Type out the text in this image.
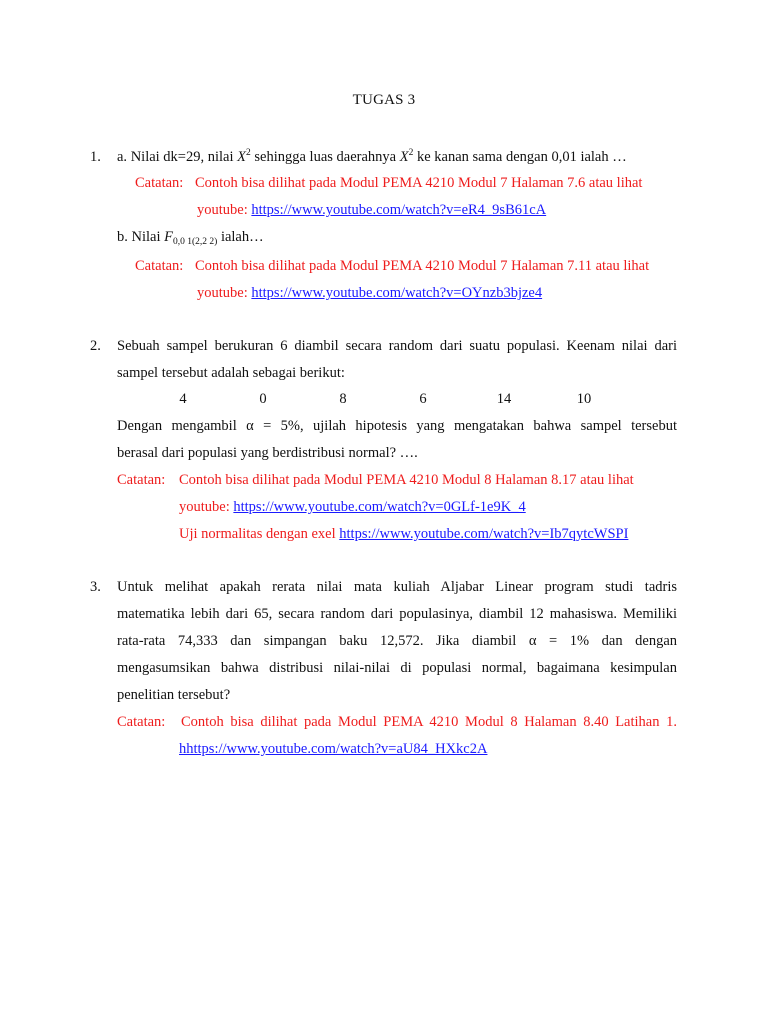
TUGAS 3
1. a. Nilai dk=29, nilai $X^2$ sehingga luas daerahnya $X^2$ ke kanan sama dengan 0,01 ialah …
Catatan: Contoh bisa dilihat pada Modul PEMA 4210 Modul 7 Halaman 7.6 atau lihat
youtube: https://www.youtube.com/watch?v=eR4_9sB61cA
b. Nilai $F_{0,0 1(2,2 2)}$ ialah…
Catatan: Contoh bisa dilihat pada Modul PEMA 4210 Modul 7 Halaman 7.11 atau lihat
youtube: https://www.youtube.com/watch?v=OYnzb3bjze4
2. Sebuah sampel berukuran 6 diambil secara random dari suatu populasi. Keenam nilai dari
sampel tersebut adalah sebagai berikut:
4	0	8	6	14	10
Dengan mengambil α = 5%, ujilah hipotesis yang mengatakan bahwa sampel tersebut
berasal dari populasi yang berdistribusi normal? ….
Catatan: Contoh bisa dilihat pada Modul PEMA 4210 Modul 8 Halaman 8.17 atau lihat
youtube: https://www.youtube.com/watch?v=0GLf-1e9K_4
Uji normalitas dengan exel https://www.youtube.com/watch?v=Ib7qytcWSPI
3. Untuk melihat apakah rerata nilai mata kuliah Aljabar Linear program studi tadris
matematika lebih dari 65, secara random dari populasinya, diambil 12 mahasiswa. Memiliki
rata-rata 74,333 dan simpangan baku 12,572. Jika diambil α = 1% dan dengan
mengasumsikan bahwa distribusi nilai-nilai di populasi normal, bagaimana kesimpulan
penelitian tersebut?
Catatan: Contoh bisa dilihat pada Modul PEMA 4210 Modul 8 Halaman 8.40 Latihan 1.
hhttps://www.youtube.com/watch?v=aU84_HXkc2A
